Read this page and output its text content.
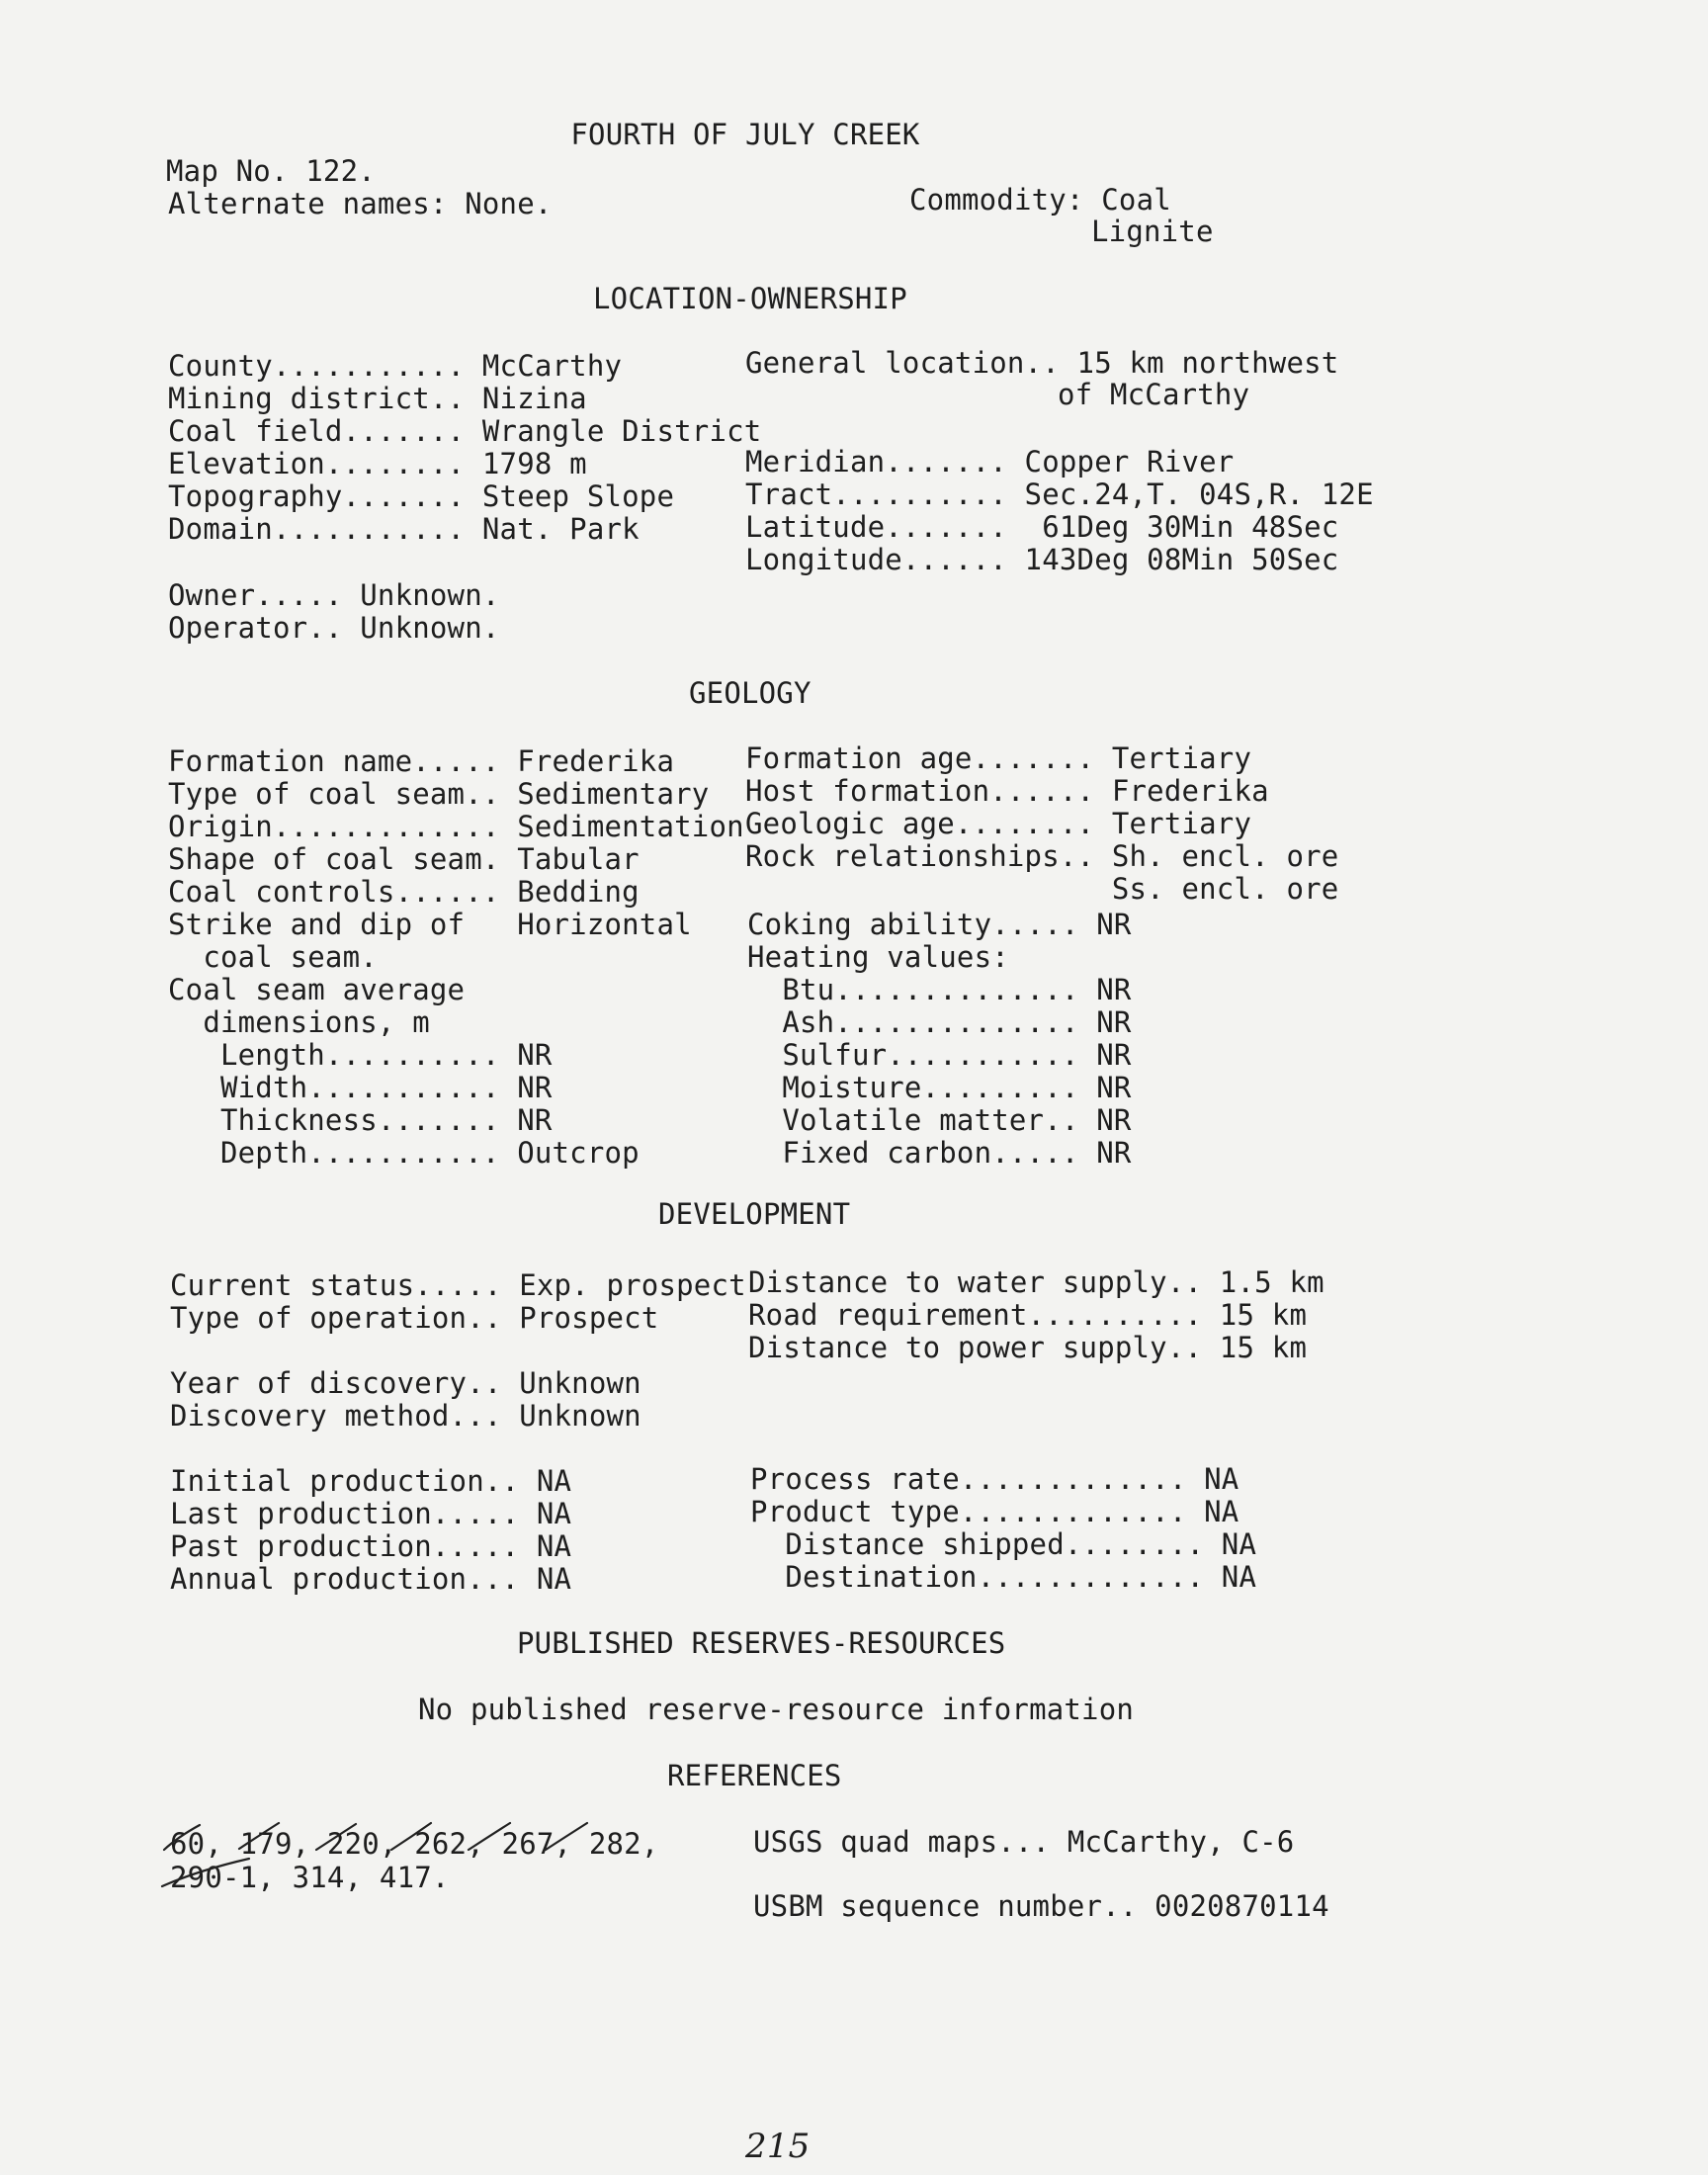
FOURTH OF JULY CREEK
Map No. 122.
Alternate names: None.	Commodity: Coal
Lignite
LOCATION-OWNERSHIP
County........... McCarthy
Mining district.. Nizina
Coal field....... Wrangle District
Elevation........ 1798 m
Topography....... Steep Slope
Domain........... Nat. Park
General location.. 15 km northwest
of McCarthy
Meridian....... Copper River
Tract.......... Sec.24,T. 04S,R. 12E
Latitude.......  61Deg 30Min 48Sec
Longitude...... 143Deg 08Min 50Sec
Owner..... Unknown.
Operator.. Unknown.
GEOLOGY
Formation name..... Frederika
Type of coal seam.. Sedimentary
Origin............. Sedimentation
Shape of coal seam. Tabular
Coal controls...... Bedding
Strike and dip of   Horizontal
coal seam.
Coal seam average
dimensions, m
Length.......... NR
Width........... NR
Thickness....... NR
Depth........... Outcrop
Formation age....... Tertiary
Host formation...... Frederika
Geologic age........ Tertiary
Rock relationships.. Sh. encl. ore
Ss. encl. ore
Coking ability..... NR
Heating values:
Btu.............. NR
Ash.............. NR
Sulfur........... NR
Moisture......... NR
Volatile matter.. NR
Fixed carbon..... NR
DEVELOPMENT
Current status..... Exp. prospect
Type of operation.. Prospect
Year of discovery.. Unknown
Discovery method... Unknown
Distance to water supply.. 1.5 km
Road requirement.......... 15 km
Distance to power supply.. 15 km
Initial production.. NA
Last production..... NA
Past production..... NA
Annual production... NA
Process rate............. NA
Product type............. NA
Distance shipped........ NA
Destination............. NA
PUBLISHED RESERVES-RESOURCES
No published reserve-resource information
REFERENCES
60, 179, 220, 262, 267, 282,
290-1, 314, 417.
USGS quad maps... McCarthy, C-6
USBM sequence number.. 0020870114
215
